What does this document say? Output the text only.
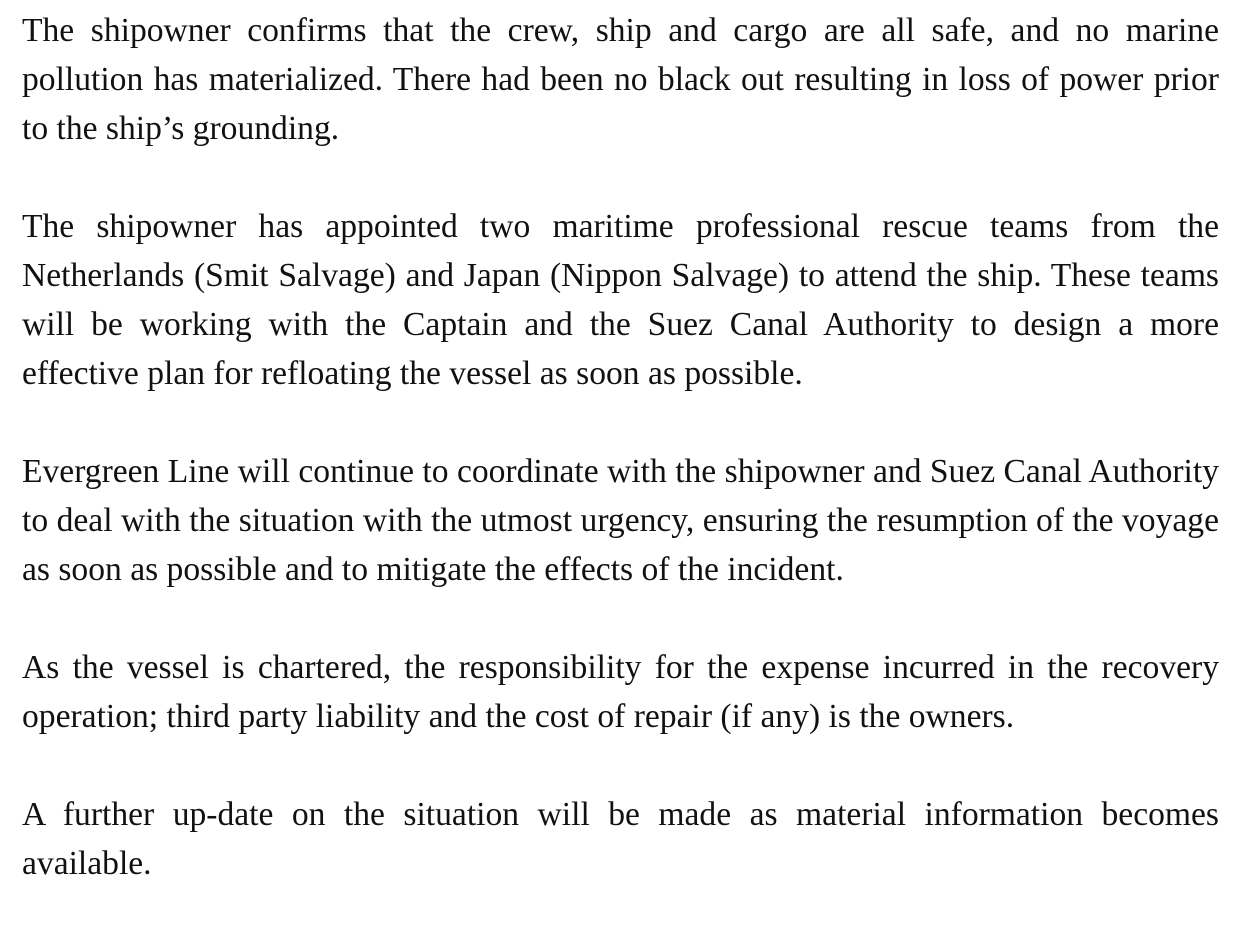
The shipowner confirms that the crew, ship and cargo are all safe, and no marine pollution has materialized. There had been no black out resulting in loss of power prior to the ship’s grounding.

The shipowner has appointed two maritime professional rescue teams from the Netherlands (Smit Salvage) and Japan (Nippon Salvage) to attend the ship. These teams will be working with the Captain and the Suez Canal Authority to design a more effective plan for refloating the vessel as soon as possible.

Evergreen Line will continue to coordinate with the shipowner and Suez Canal Authority to deal with the situation with the utmost urgency, ensuring the resumption of the voyage as soon as possible and to mitigate the effects of the incident.

As the vessel is chartered, the responsibility for the expense incurred in the recovery operation; third party liability and the cost of repair (if any) is the owners.

A further up-date on the situation will be made as material information becomes available.
